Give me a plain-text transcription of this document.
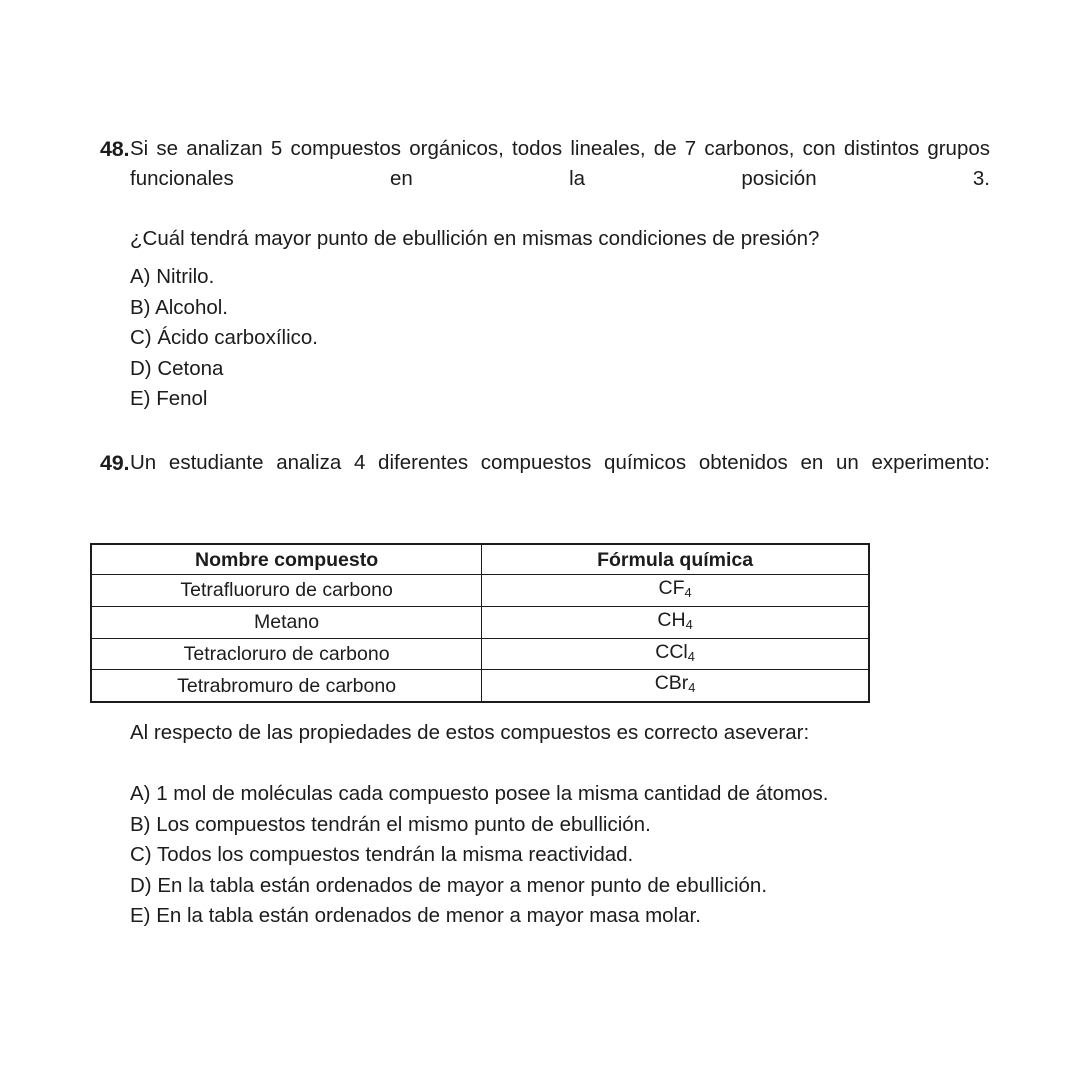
48. Si se analizan 5 compuestos orgánicos, todos lineales, de 7 carbonos, con distintos grupos funcionales en la posición 3.
¿Cuál tendrá mayor punto de ebullición en mismas condiciones de presión?
A) Nitrilo.
B) Alcohol.
C) Ácido carboxílico.
D) Cetona
E) Fenol
49. Un estudiante analiza 4 diferentes compuestos químicos obtenidos en un experimento:
Nombre compuesto	Fórmula química
Tetrafluoruro de carbono	$CF_4$
Metano	$CH_4$
Tetracloruro de carbono	CCl$_4$
Tetrabromuro de carbono	CBr$_4$
Al respecto de las propiedades de estos compuestos es correcto aseverar:
A) 1 mol de moléculas cada compuesto posee la misma cantidad de átomos.
B) Los compuestos tendrán el mismo punto de ebullición.
C) Todos los compuestos tendrán la misma reactividad.
D) En la tabla están ordenados de mayor a menor punto de ebullición.
E) En la tabla están ordenados de menor a mayor masa molar.
